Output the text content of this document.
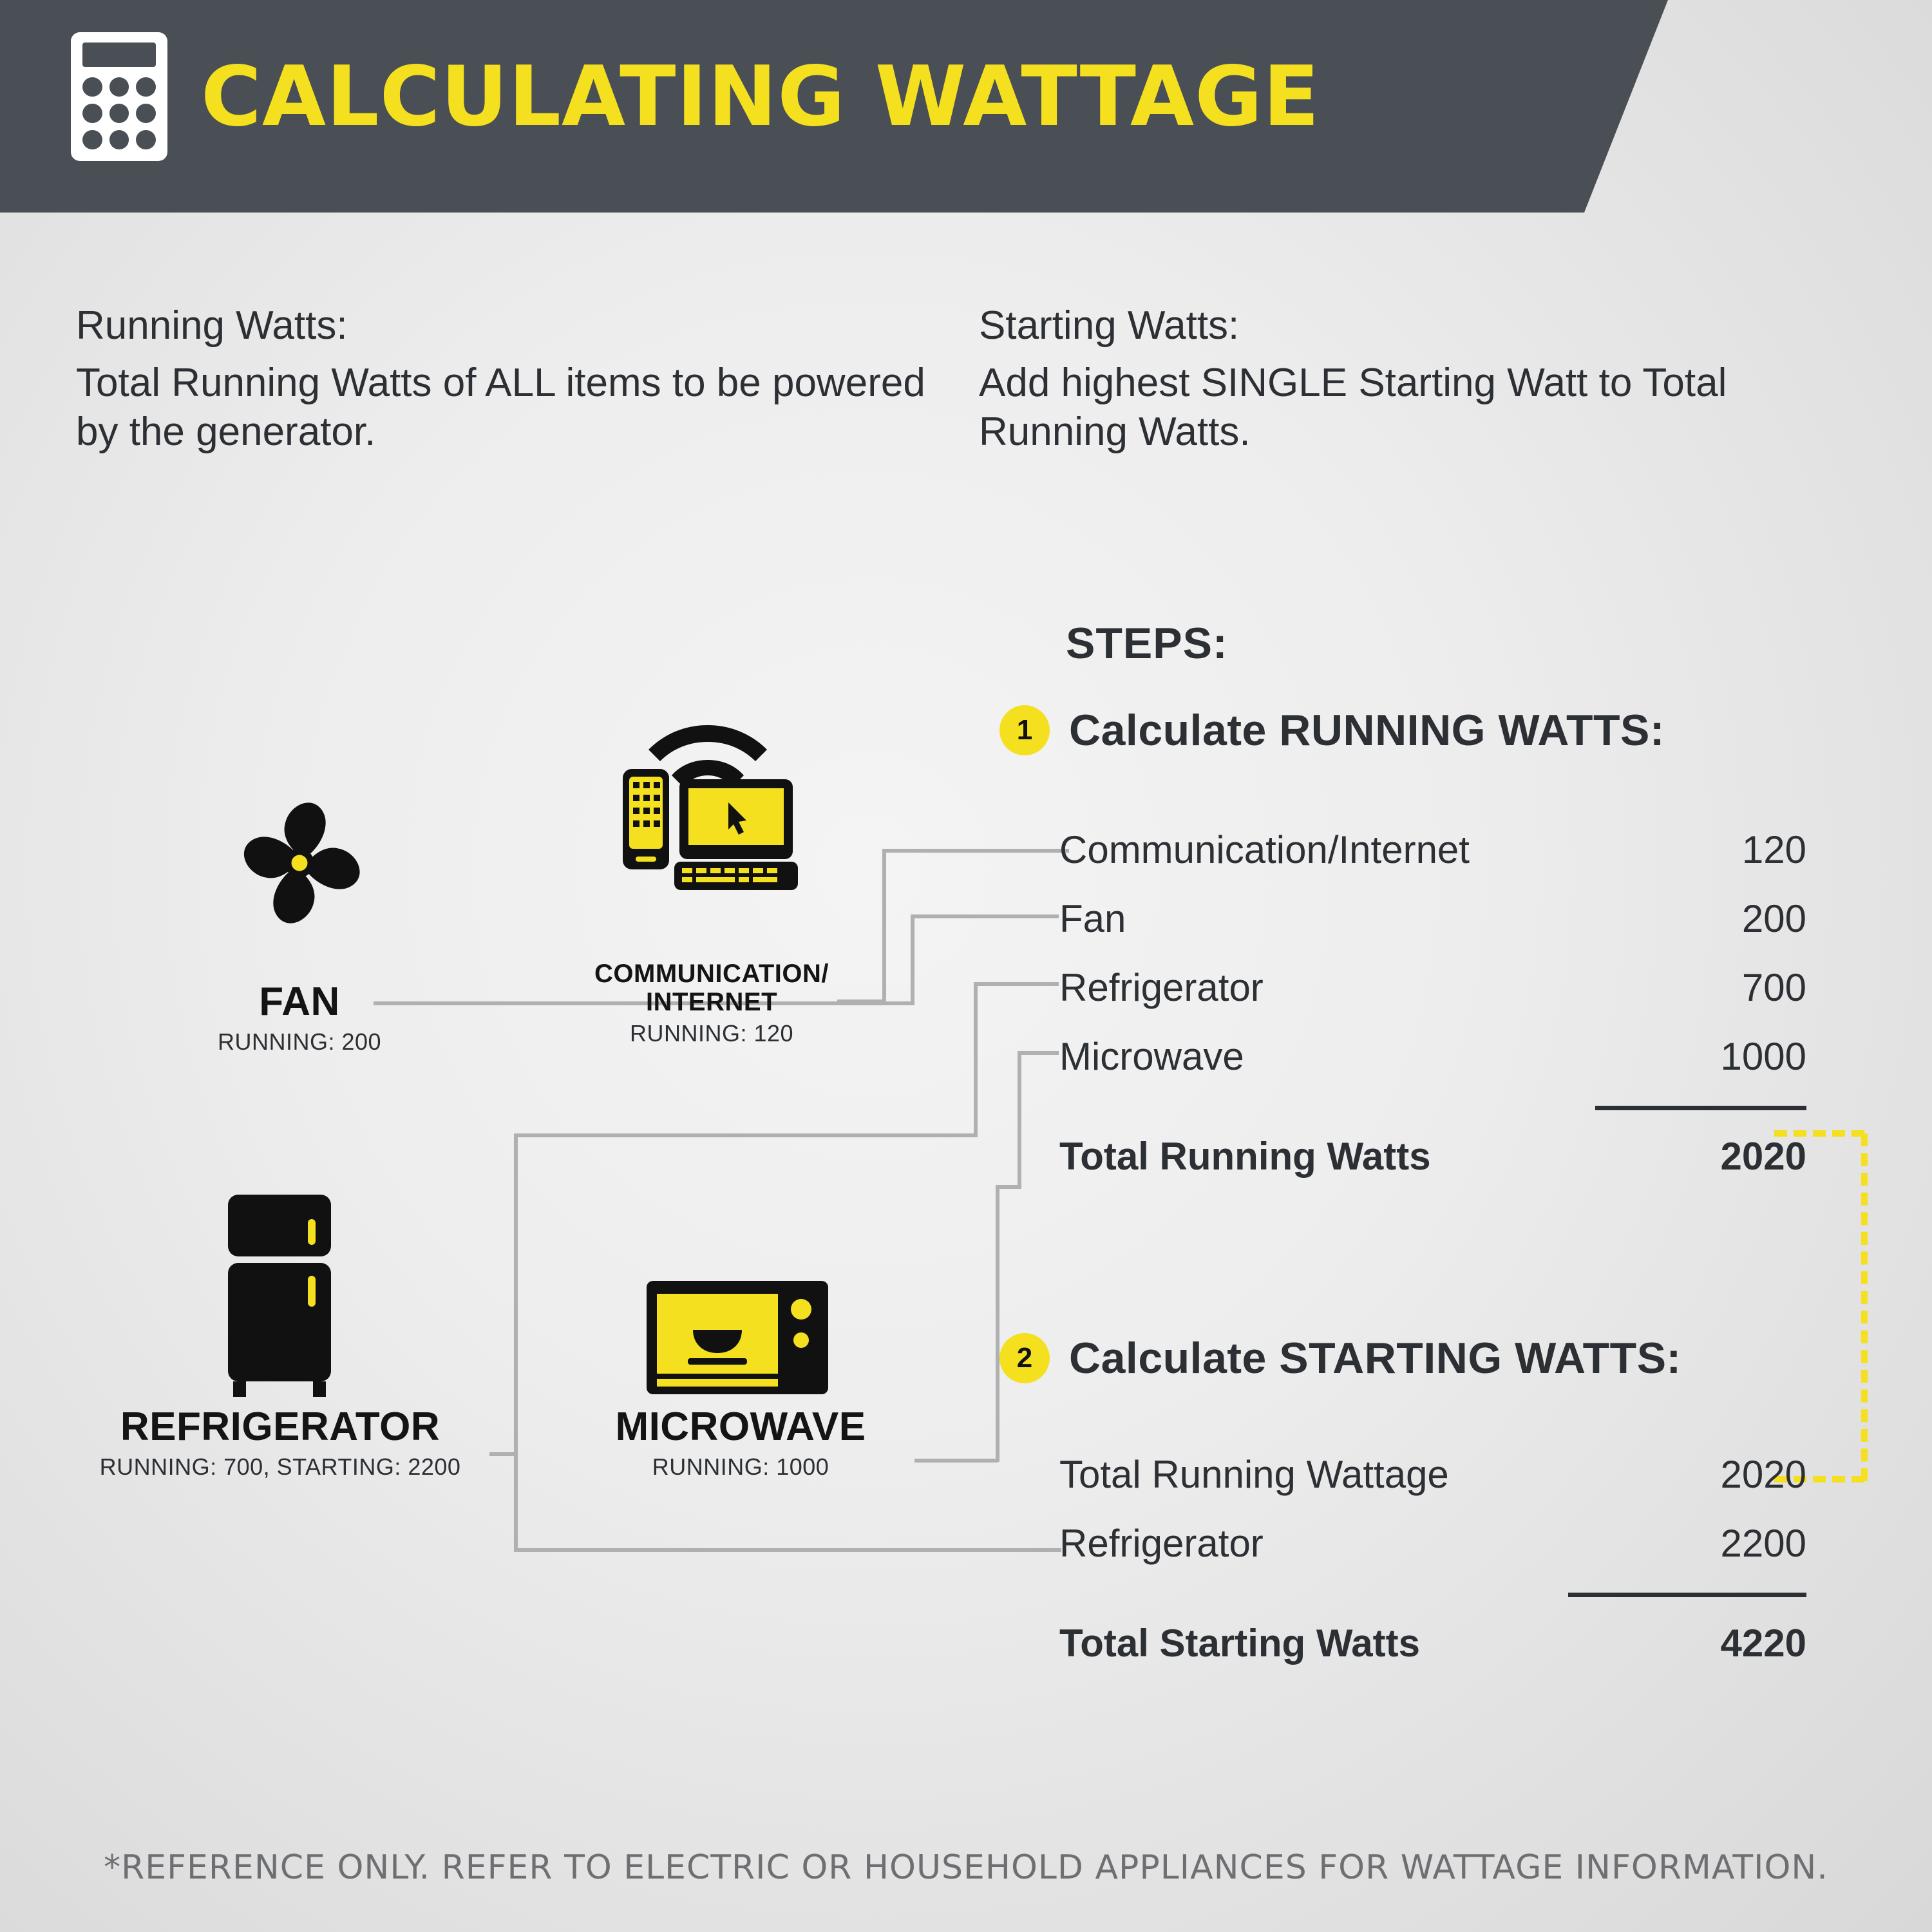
CALCULATING WATTAGE
Running Watts:
Total Running Watts of ALL items to be powered by the generator.
Starting Watts:
Add highest SINGLE Starting Watt to Total Running Watts.
FAN
RUNNING: 200
COMMUNICATION/
INTERNET
RUNNING: 120
REFRIGERATOR
RUNNING: 700, STARTING: 2200
MICROWAVE
RUNNING: 1000
STEPS:
1 Calculate RUNNING WATTS:
Communication/Internet	120
Fan	200
Refrigerator	700
Microwave	1000
Total Running Watts	2020
2 Calculate STARTING WATTS:
Total Running Wattage	2020
Refrigerator	2200
Total Starting Watts	4220
*REFERENCE ONLY. REFER TO ELECTRIC OR HOUSEHOLD APPLIANCES FOR WATTAGE INFORMATION.
